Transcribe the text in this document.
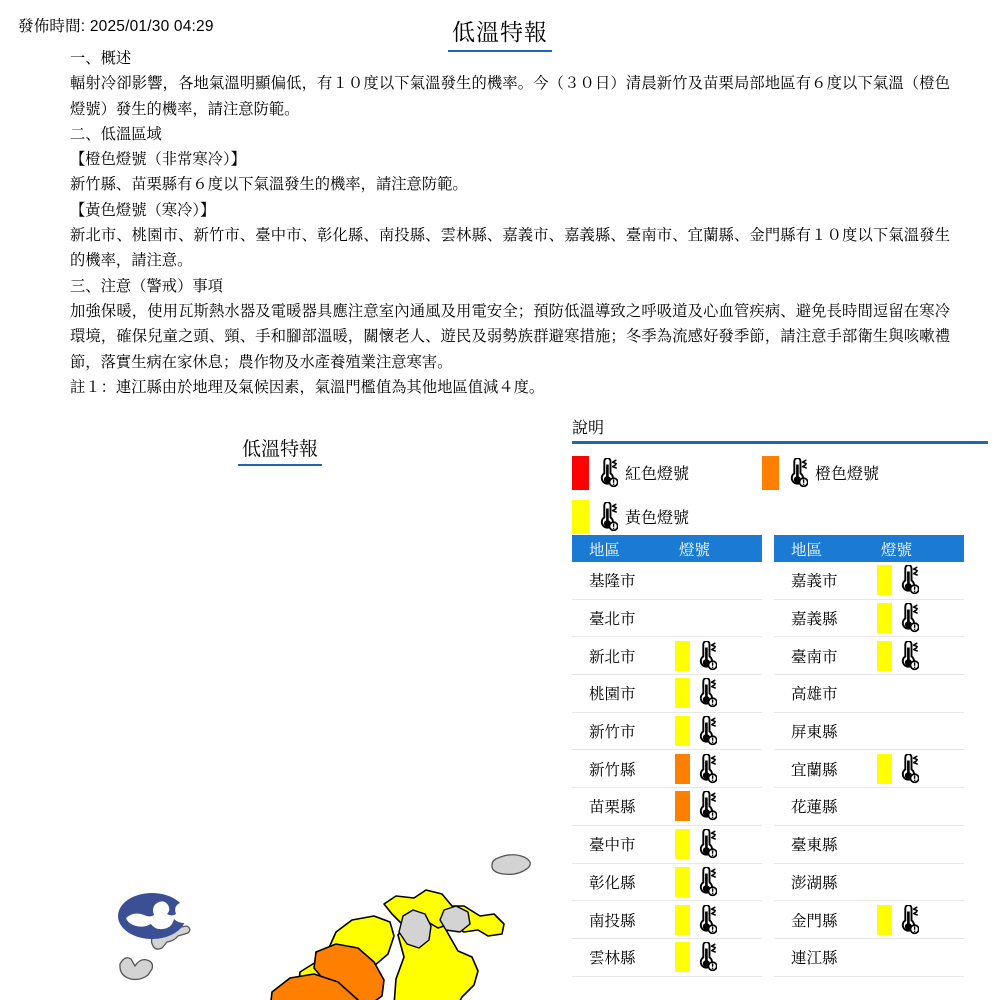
發佈時間: 2025/01/30 04:29	低溫特報

一、概述

輻射冷卻影響，各地氣溫明顯偏低，有１０度以下氣溫發生的機率。今（３０日）清晨新竹及苗栗局部地區有６度以下氣溫（橙色燈號）發生的機率，請注意防範。

二、低溫區域

【橙色燈號（非常寒冷）】

新竹縣、苗栗縣有６度以下氣溫發生的機率，請注意防範。

【黃色燈號（寒冷）】

新北市、桃園市、新竹市、臺中市、彰化縣、南投縣、雲林縣、嘉義市、嘉義縣、臺南市、宜蘭縣、金門縣有１０度以下氣溫發生的機率，請注意。

三、注意（警戒）事項

加強保暖，使用瓦斯熱水器及電暖器具應注意室內通風及用電安全；預防低溫導致之呼吸道及心血管疾病、避免長時間逗留在寒冷環境，確保兒童之頭、頸、手和腳部溫暖，關懷老人、遊民及弱勢族群避寒措施；冬季為流感好發季節，請注意手部衛生與咳嗽禮節，落實生病在家休息；農作物及水產養殖業注意寒害。

註１：連江縣由於地理及氣候因素，氣溫門檻值為其他地區值減４度。

低溫特報
說明
紅色燈號	橙色燈號
黃色燈號
地區	燈號
基隆市
臺北市
新北市
桃園市
新竹市
新竹縣
苗栗縣
臺中市
彰化縣
南投縣
雲林縣
地區	燈號
嘉義市
嘉義縣
臺南市
高雄市
屏東縣
宜蘭縣
花蓮縣
臺東縣
澎湖縣
金門縣
連江縣
